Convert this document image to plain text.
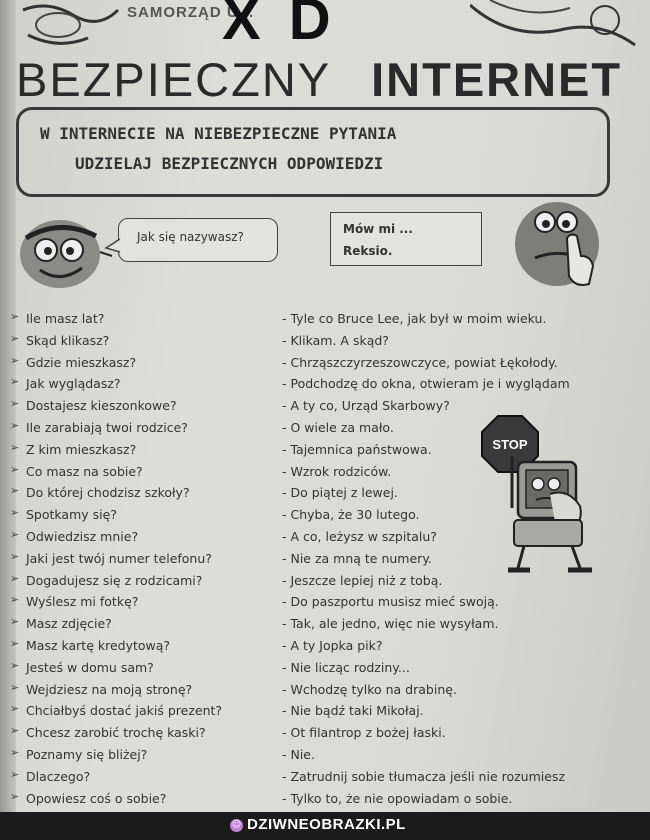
SAMORZĄD U...
X D
BEZPIECZNY INTERNET
W INTERNECIE NA NIEBEZPIECZNE PYTANIA
UDZIELAJ BEZPIECZNYCH ODPOWIEDZI
Jak się nazywasz?
Mów mi ...
Reksio.
STOP
➢ Ile masz lat?	- Tyle co Bruce Lee, jak był w moim wieku.
➢ Skąd klikasz?	- Klikam. A skąd?
➢ Gdzie mieszkasz?	- Chrząszczyrzeszowczyce, powiat Łękołody.
➢ Jak wyglądasz?	- Podchodzę do okna, otwieram je i wyglądam
➢ Dostajesz kieszonkowe?	- A ty co, Urząd Skarbowy?
➢ Ile zarabiają twoi rodzice?	- O wiele za mało.
➢ Z kim mieszkasz?	- Tajemnica państwowa.
➢ Co masz na sobie?	- Wzrok rodziców.
➢ Do której chodzisz szkoły?	- Do piątej z lewej.
➢ Spotkamy się?	- Chyba, że 30 lutego.
➢ Odwiedzisz mnie?	- A co, leżysz w szpitalu?
➢ Jaki jest twój numer telefonu?	- Nie za mną te numery.
➢ Dogadujesz się z rodzicami?	- Jeszcze lepiej niż z tobą.
➢ Wyślesz mi fotkę?	- Do paszportu musisz mieć swoją.
➢ Masz zdjęcie?	- Tak, ale jedno, więc nie wysyłam.
➢ Masz kartę kredytową?	- A ty Jopka pik?
➢ Jesteś w domu sam?	- Nie licząc rodziny...
➢ Wejdziesz na moją stronę?	- Wchodzę tylko na drabinę.
➢ Chciałbyś dostać jakiś prezent?	- Nie bądź taki Mikołaj.
➢ Chcesz zarobić trochę kaski?	- Ot filantrop z bożej łaski.
➢ Poznamy się bliżej?	- Nie.
➢ Dlaczego?	- Zatrudnij sobie tłumacza jeśli nie rozumiesz
➢ Opowiesz coś o sobie?	- Tylko to, że nie opowiadam o sobie.
☺ DZIWNEOBRAZKI.PL
